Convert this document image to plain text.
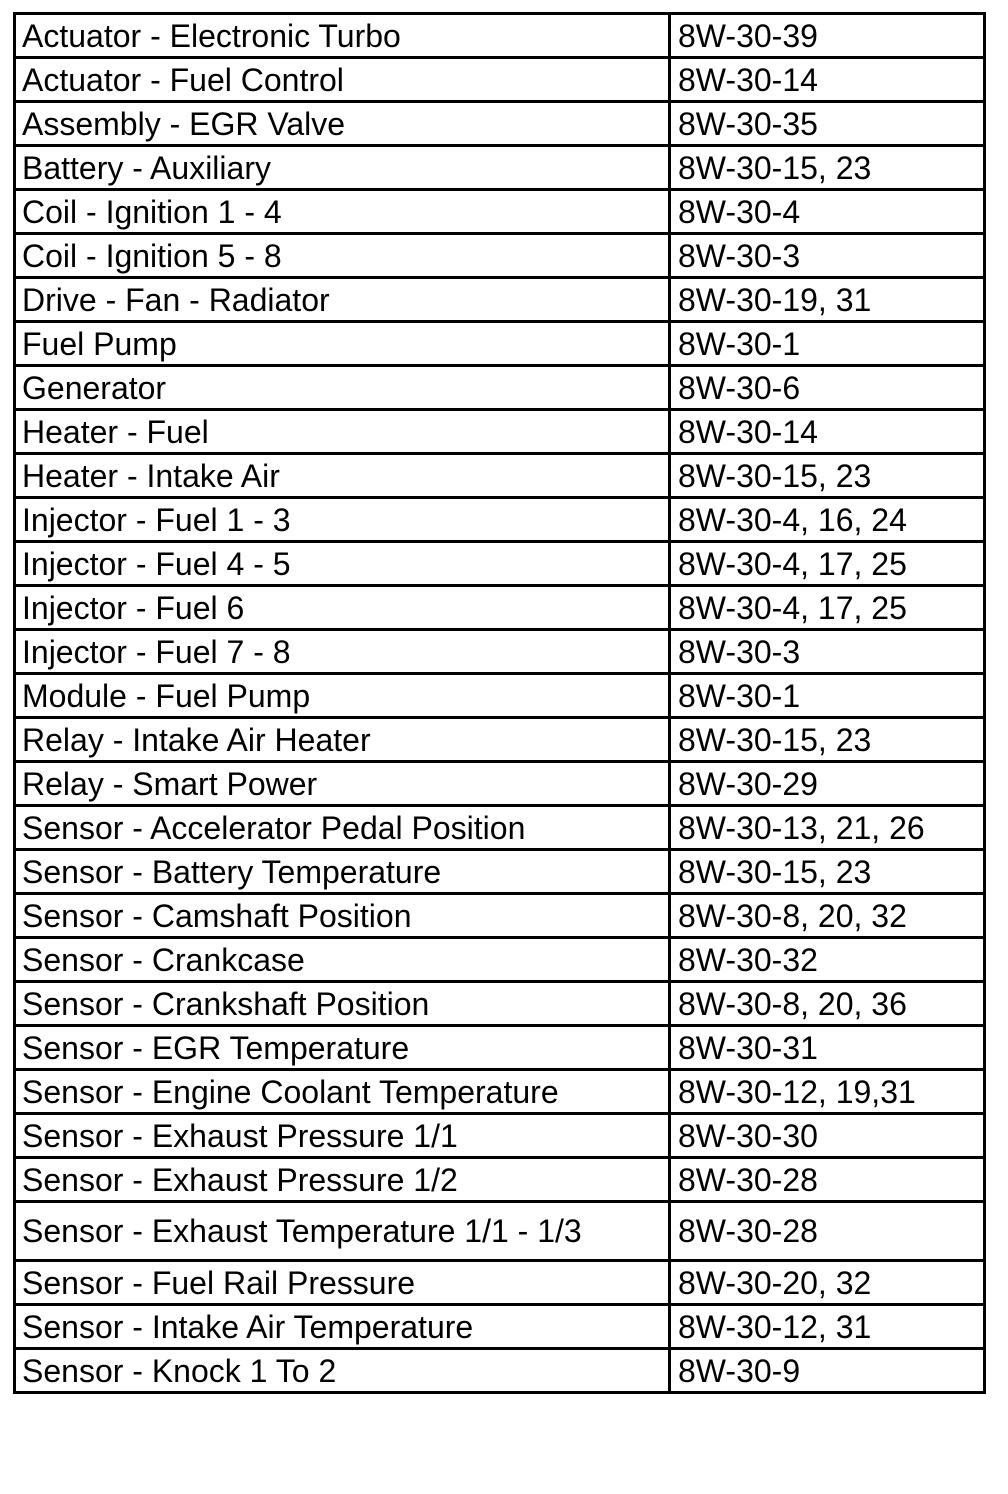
Actuator - Electronic Turbo	8W-30-39
Actuator - Fuel Control	8W-30-14
Assembly - EGR Valve	8W-30-35
Battery - Auxiliary	8W-30-15, 23
Coil - Ignition 1 - 4	8W-30-4
Coil - Ignition 5 - 8	8W-30-3
Drive - Fan - Radiator	8W-30-19, 31
Fuel Pump	8W-30-1
Generator	8W-30-6
Heater - Fuel	8W-30-14
Heater - Intake Air	8W-30-15, 23
Injector - Fuel 1 - 3	8W-30-4, 16, 24
Injector - Fuel 4 - 5	8W-30-4, 17, 25
Injector - Fuel 6	8W-30-4, 17, 25
Injector - Fuel 7 - 8	8W-30-3
Module - Fuel Pump	8W-30-1
Relay - Intake Air Heater	8W-30-15, 23
Relay - Smart Power	8W-30-29
Sensor - Accelerator Pedal Position	8W-30-13, 21, 26
Sensor - Battery Temperature	8W-30-15, 23
Sensor - Camshaft Position	8W-30-8, 20, 32
Sensor - Crankcase	8W-30-32
Sensor - Crankshaft Position	8W-30-8, 20, 36
Sensor - EGR Temperature	8W-30-31
Sensor - Engine Coolant Temperature	8W-30-12, 19,31
Sensor - Exhaust Pressure 1/1	8W-30-30
Sensor - Exhaust Pressure 1/2	8W-30-28
Sensor - Exhaust Temperature 1/1 - 1/3	8W-30-28
Sensor - Fuel Rail Pressure	8W-30-20, 32
Sensor - Intake Air Temperature	8W-30-12, 31
Sensor - Knock 1 To 2	8W-30-9
